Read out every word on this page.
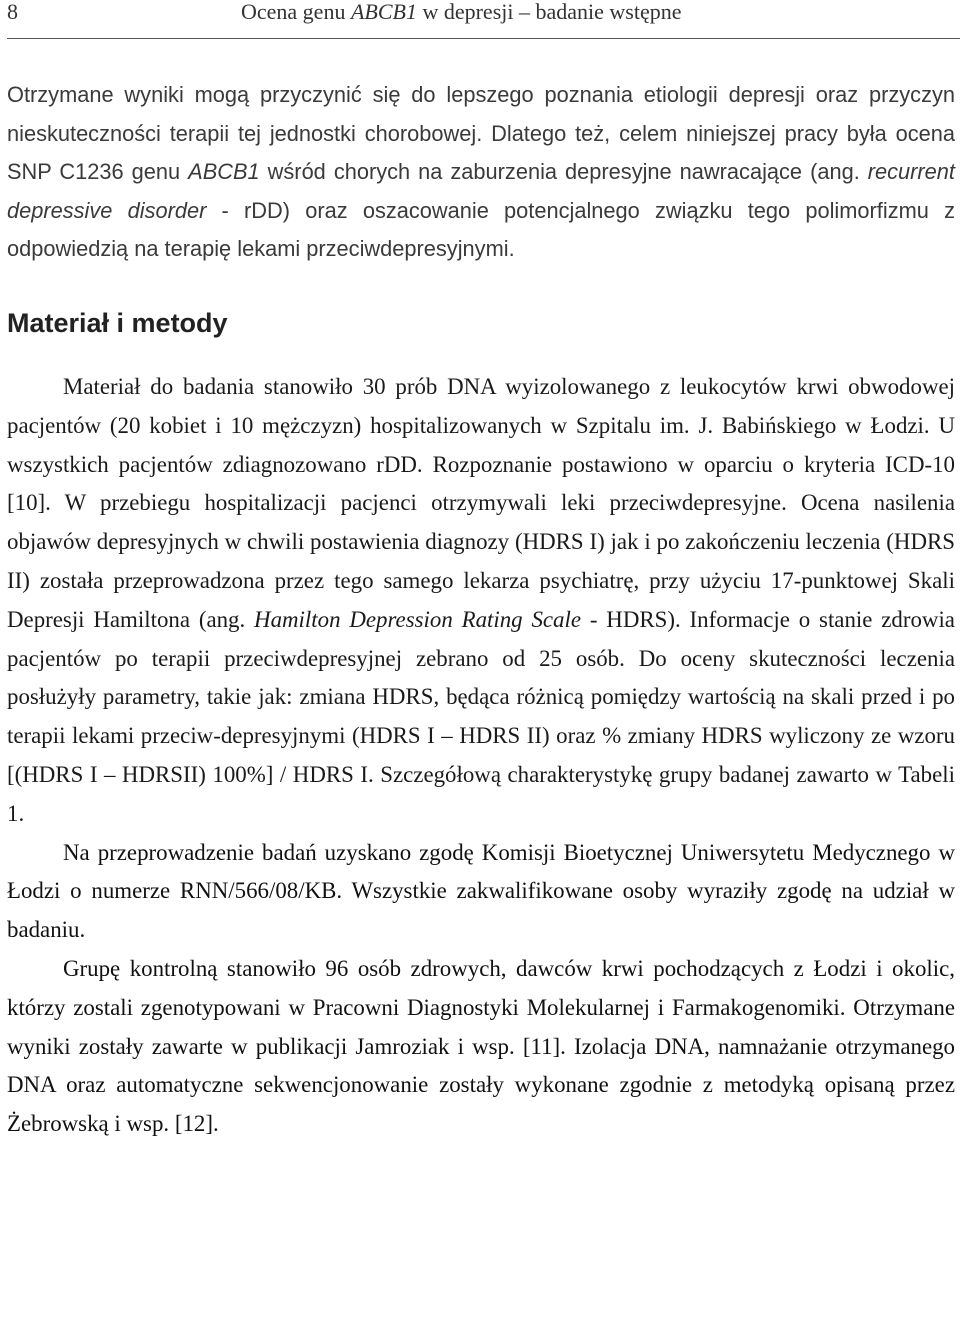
8	Ocena genu ABCB1 w depresji – badanie wstępne

Otrzymane wyniki mogą przyczynić się do lepszego poznania etiologii depresji oraz przyczyn nieskuteczności terapii tej jednostki chorobowej. Dlatego też, celem niniejszej pracy była ocena SNP C1236 genu ABCB1 wśród chorych na zaburzenia depresyjne nawracające (ang. recurrent depressive disorder - rDD) oraz oszacowanie potencjalnego związku tego polimorfizmu z odpowiedzią na terapię lekami przeciwdepresyjnymi.

Materiał i metody

Materiał do badania stanowiło 30 prób DNA wyizolowanego z leukocytów krwi obwodowej pacjentów (20 kobiet i 10 mężczyzn) hospitalizowanych w Szpitalu im. J. Babińskiego w Łodzi. U wszystkich pacjentów zdiagnozowano rDD. Rozpoznanie postawiono w oparciu o kryteria ICD-10 [10]. W przebiegu hospitalizacji pacjenci otrzymywali leki przeciwdepresyjne. Ocena nasilenia objawów depresyjnych w chwili postawienia diagnozy (HDRS I) jak i po zakończeniu leczenia (HDRS II) została przeprowadzona przez tego samego lekarza psychiatrę, przy użyciu 17-punktowej Skali Depresji Hamiltona (ang. Hamilton Depression Rating Scale - HDRS). Informacje o stanie zdrowia pacjentów po terapii przeciwdepresyjnej zebrano od 25 osób. Do oceny skuteczności leczenia posłużyły parametry, takie jak: zmiana HDRS, będąca różnicą pomiędzy wartością na skali przed i po terapii lekami przeciw-depresyjnymi (HDRS I – HDRS II) oraz % zmiany HDRS wyliczony ze wzoru [(HDRS I – HDRSII) 100%] / HDRS I. Szczegółową charakterystykę grupy badanej zawarto w Tabeli 1.

Na przeprowadzenie badań uzyskano zgodę Komisji Bioetycznej Uniwersytetu Medycznego w Łodzi o numerze RNN/566/08/KB. Wszystkie zakwalifikowane osoby wyraziły zgodę na udział w badaniu.

Grupę kontrolną stanowiło 96 osób zdrowych, dawców krwi pochodzących z Łodzi i okolic, którzy zostali zgenotypowani w Pracowni Diagnostyki Molekularnej i Farmakogenomiki. Otrzymane wyniki zostały zawarte w publikacji Jamroziak i wsp. [11]. Izolacja DNA, namnażanie otrzymanego DNA oraz automatyczne sekwencjonowanie zostały wykonane zgodnie z metodyką opisaną przez Żebrowską i wsp. [12].
